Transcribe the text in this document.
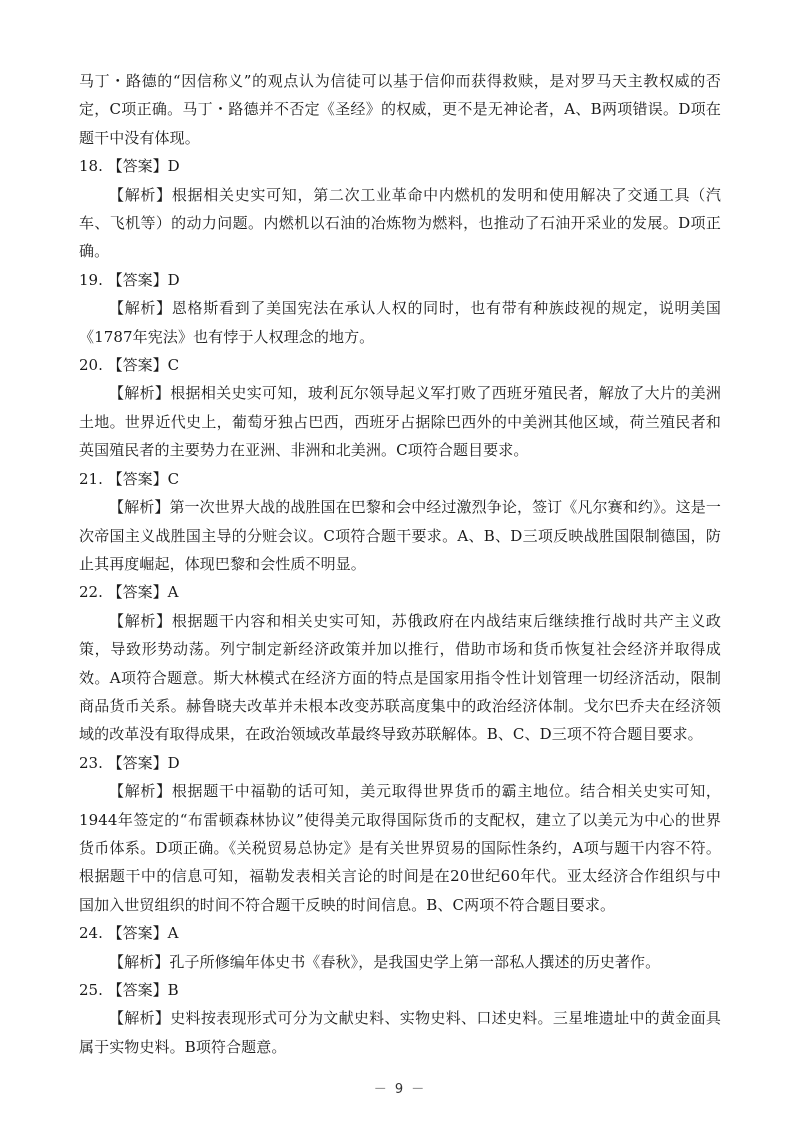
马丁・路德的“因信称义”的观点认为信徒可以基于信仰而获得救赎，是对罗马天主教权威的否定，C项正确。马丁・路德并不否定《圣经》的权威，更不是无神论者，A、B两项错误。D项在题干中没有体现。

18. 【答案】D

【解析】根据相关史实可知，第二次工业革命中内燃机的发明和使用解决了交通工具（汽车、飞机等）的动力问题。内燃机以石油的冶炼物为燃料，也推动了石油开采业的发展。D项正确。

19. 【答案】D

【解析】恩格斯看到了美国宪法在承认人权的同时，也有带有种族歧视的规定，说明美国《1787年宪法》也有悖于人权理念的地方。

20. 【答案】C

【解析】根据相关史实可知，玻利瓦尔领导起义军打败了西班牙殖民者，解放了大片的美洲土地。世界近代史上，葡萄牙独占巴西，西班牙占据除巴西外的中美洲其他区域，荷兰殖民者和英国殖民者的主要势力在亚洲、非洲和北美洲。C项符合题目要求。

21. 【答案】C

【解析】第一次世界大战的战胜国在巴黎和会中经过激烈争论，签订《凡尔赛和约》。这是一次帝国主义战胜国主导的分赃会议。C项符合题干要求。A、B、D三项反映战胜国限制德国，防止其再度崛起，体现巴黎和会性质不明显。

22. 【答案】A

【解析】根据题干内容和相关史实可知，苏俄政府在内战结束后继续推行战时共产主义政策，导致形势动荡。列宁制定新经济政策并加以推行，借助市场和货币恢复社会经济并取得成效。A项符合题意。斯大林模式在经济方面的特点是国家用指令性计划管理一切经济活动，限制商品货币关系。赫鲁晓夫改革并未根本改变苏联高度集中的政治经济体制。戈尔巴乔夫在经济领域的改革没有取得成果，在政治领域改革最终导致苏联解体。B、C、D三项不符合题目要求。

23. 【答案】D

【解析】根据题干中福勒的话可知，美元取得世界货币的霸主地位。结合相关史实可知，1944年签定的“布雷顿森林协议”使得美元取得国际货币的支配权，建立了以美元为中心的世界货币体系。D项正确。《关税贸易总协定》是有关世界贸易的国际性条约，A项与题干内容不符。根据题干中的信息可知，福勒发表相关言论的时间是在20世纪60年代。亚太经济合作组织与中国加入世贸组织的时间不符合题干反映的时间信息。B、C两项不符合题目要求。

24. 【答案】A

【解析】孔子所修编年体史书《春秋》，是我国史学上第一部私人撰述的历史著作。

25. 【答案】B

【解析】史料按表现形式可分为文献史料、实物史料、口述史料。三星堆遗址中的黄金面具属于实物史料。B项符合题意。

－ 9 －
